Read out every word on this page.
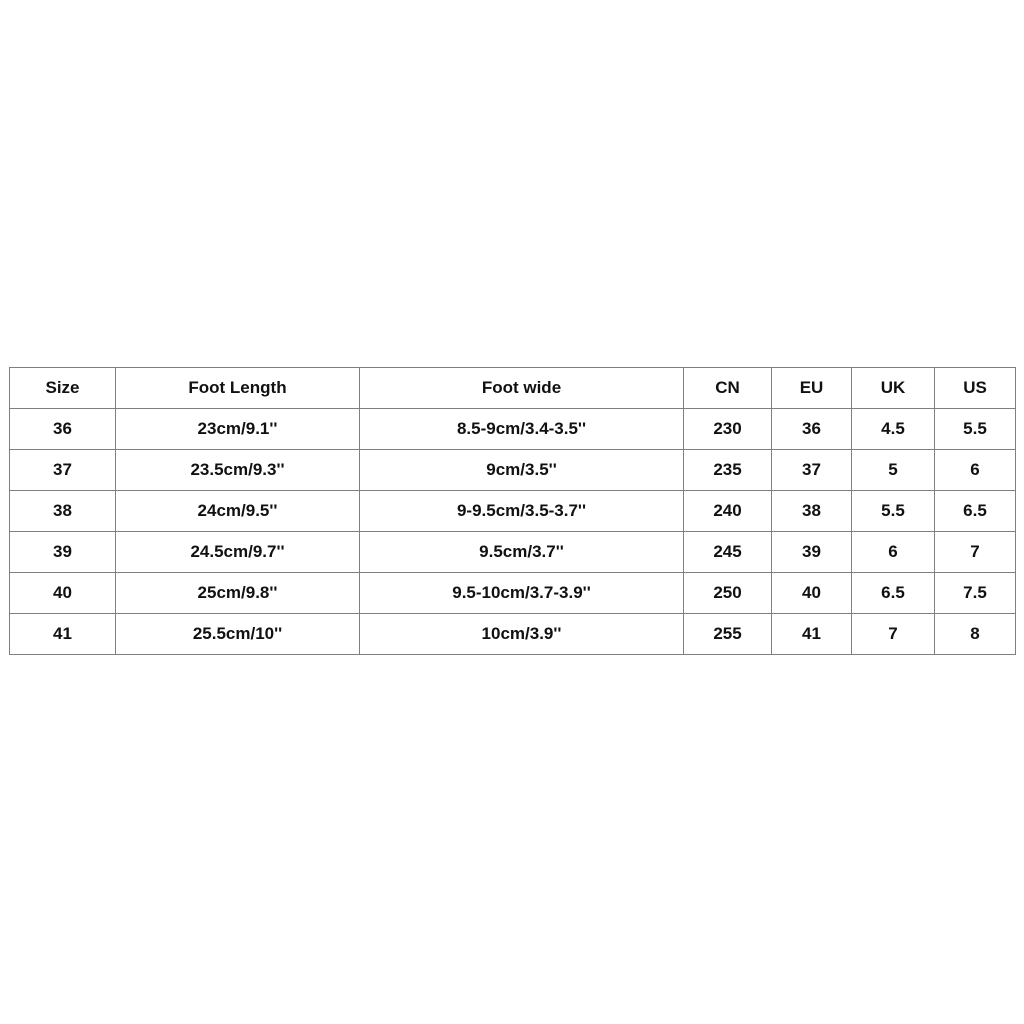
Size	Foot Length	Foot wide	CN	EU	UK	US
36	23cm/9.1''	8.5-9cm/3.4-3.5''	230	36	4.5	5.5
37	23.5cm/9.3''	9cm/3.5''	235	37	5	6
38	24cm/9.5''	9-9.5cm/3.5-3.7''	240	38	5.5	6.5
39	24.5cm/9.7''	9.5cm/3.7''	245	39	6	7
40	25cm/9.8''	9.5-10cm/3.7-3.9''	250	40	6.5	7.5
41	25.5cm/10''	10cm/3.9''	255	41	7	8
